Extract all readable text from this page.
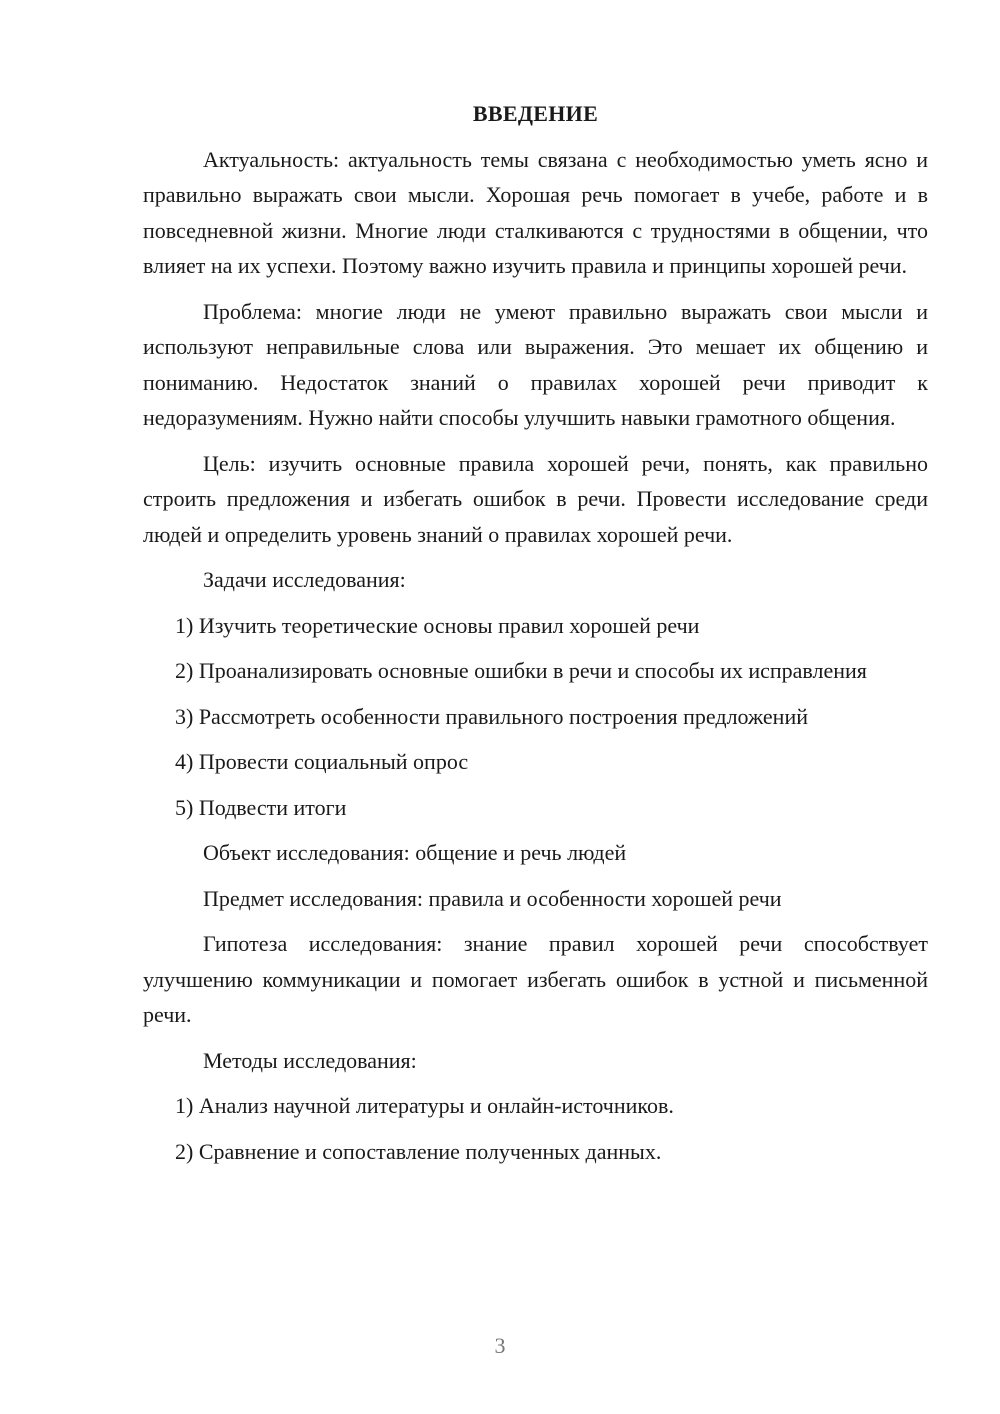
ВВЕДЕНИЕ

Актуальность: актуальность темы связана с необходимостью уметь ясно и правильно выражать свои мысли. Хорошая речь помогает в учебе, работе и в повседневной жизни. Многие люди сталкиваются с трудностями в общении, что влияет на их успехи. Поэтому важно изучить правила и принципы хорошей речи.

Проблема: многие люди не умеют правильно выражать свои мысли и используют неправильные слова или выражения. Это мешает их общению и пониманию. Недостаток знаний о правилах хорошей речи приводит к недоразумениям. Нужно найти способы улучшить навыки грамотного общения.

Цель: изучить основные правила хорошей речи, понять, как правильно строить предложения и избегать ошибок в речи. Провести исследование среди людей и определить уровень знаний о правилах хорошей речи.

Задачи исследования:

1) Изучить теоретические основы правил хорошей речи

2) Проанализировать основные ошибки в речи и способы их исправления

3) Рассмотреть особенности правильного построения предложений

4) Провести социальный опрос

5) Подвести итоги

Объект исследования: общение и речь людей

Предмет исследования: правила и особенности хорошей речи

Гипотеза исследования: знание правил хорошей речи способствует улучшению коммуникации и помогает избегать ошибок в устной и письменной речи.

Методы исследования:

1) Анализ научной литературы и онлайн-источников.

2) Сравнение и сопоставление полученных данных.

3
